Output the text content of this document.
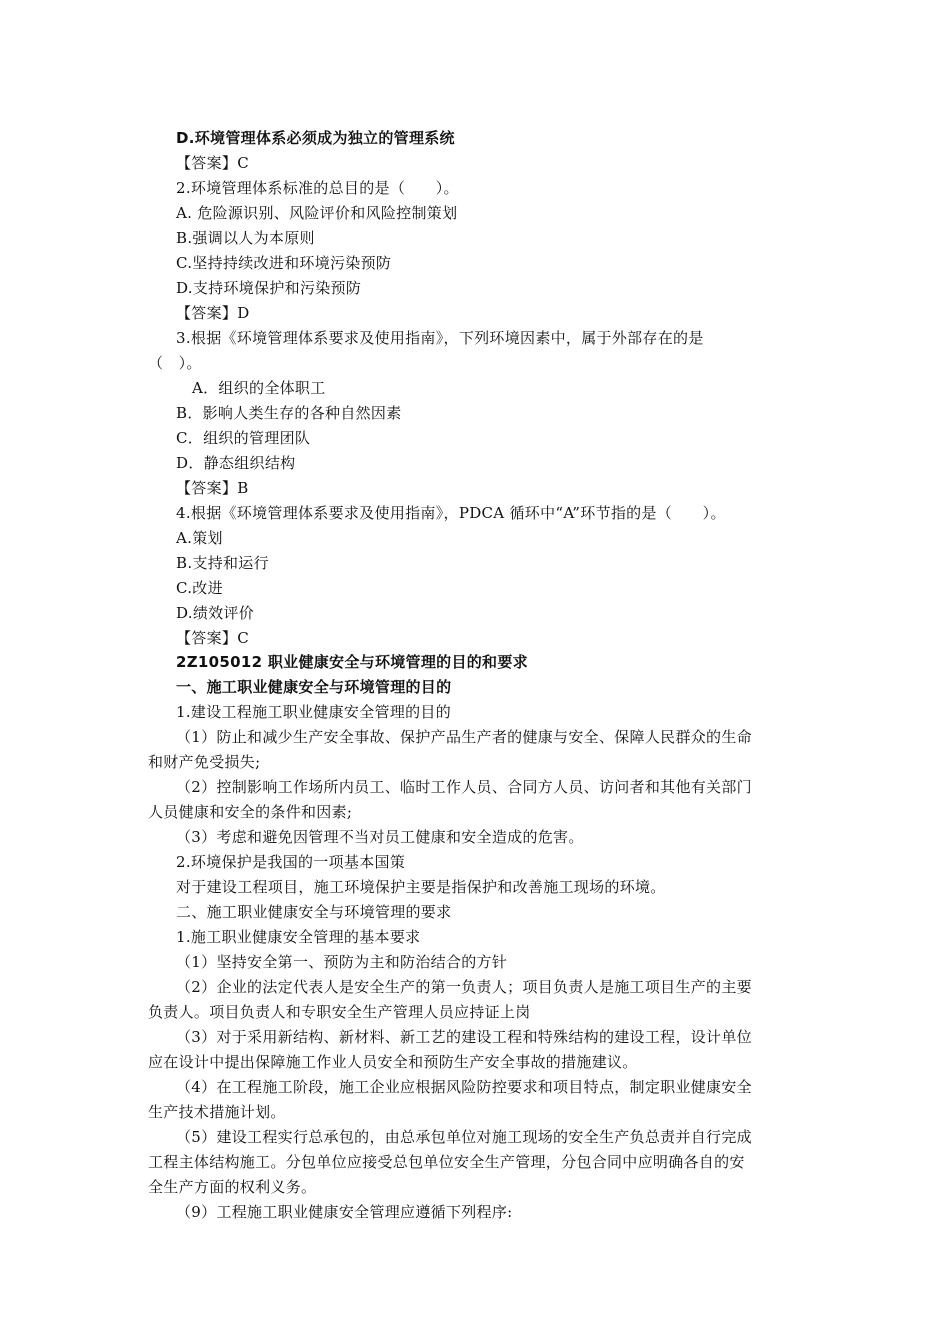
D.环境管理体系必须成为独立的管理系统
【答案】C
2.环境管理体系标准的总目的是（　　）。
A. 危险源识别、风险评价和风险控制策划
B.强调以人为本原则
C.坚持持续改进和环境污染预防
D.支持环境保护和污染预防
【答案】D
3.根据《环境管理体系要求及使用指南》，下列环境因素中，属于外部存在的是
（　）。
A．组织的全体职工
B．影响人类生存的各种自然因素
C．组织的管理团队
D．静态组织结构
【答案】B
4.根据《环境管理体系要求及使用指南》，PDCA 循环中“A”环节指的是（　　）。
A.策划
B.支持和运行
C.改进
D.绩效评价
【答案】C
2Z105012 职业健康安全与环境管理的目的和要求
一、施工职业健康安全与环境管理的目的
1.建设工程施工职业健康安全管理的目的
（1）防止和减少生产安全事故、保护产品生产者的健康与安全、保障人民群众的生命
和财产免受损失;
（2）控制影响工作场所内员工、临时工作人员、合同方人员、访问者和其他有关部门
人员健康和安全的条件和因素;
（3）考虑和避免因管理不当对员工健康和安全造成的危害。
2.环境保护是我国的一项基本国策
对于建设工程项目，施工环境保护主要是指保护和改善施工现场的环境。
二、施工职业健康安全与环境管理的要求
1.施工职业健康安全管理的基本要求
（1）坚持安全第一、预防为主和防治结合的方针
（2）企业的法定代表人是安全生产的第一负责人；项目负责人是施工项目生产的主要
负责人。项目负责人和专职安全生产管理人员应持证上岗
（3）对于采用新结构、新材料、新工艺的建设工程和特殊结构的建设工程，设计单位
应在设计中提出保障施工作业人员安全和预防生产安全事故的措施建议。
（4）在工程施工阶段，施工企业应根据风险防控要求和项目特点，制定职业健康安全
生产技术措施计划。
（5）建设工程实行总承包的，由总承包单位对施工现场的安全生产负总责并自行完成
工程主体结构施工。分包单位应接受总包单位安全生产管理，分包合同中应明确各自的安
全生产方面的权利义务。
（9）工程施工职业健康安全管理应遵循下列程序:
